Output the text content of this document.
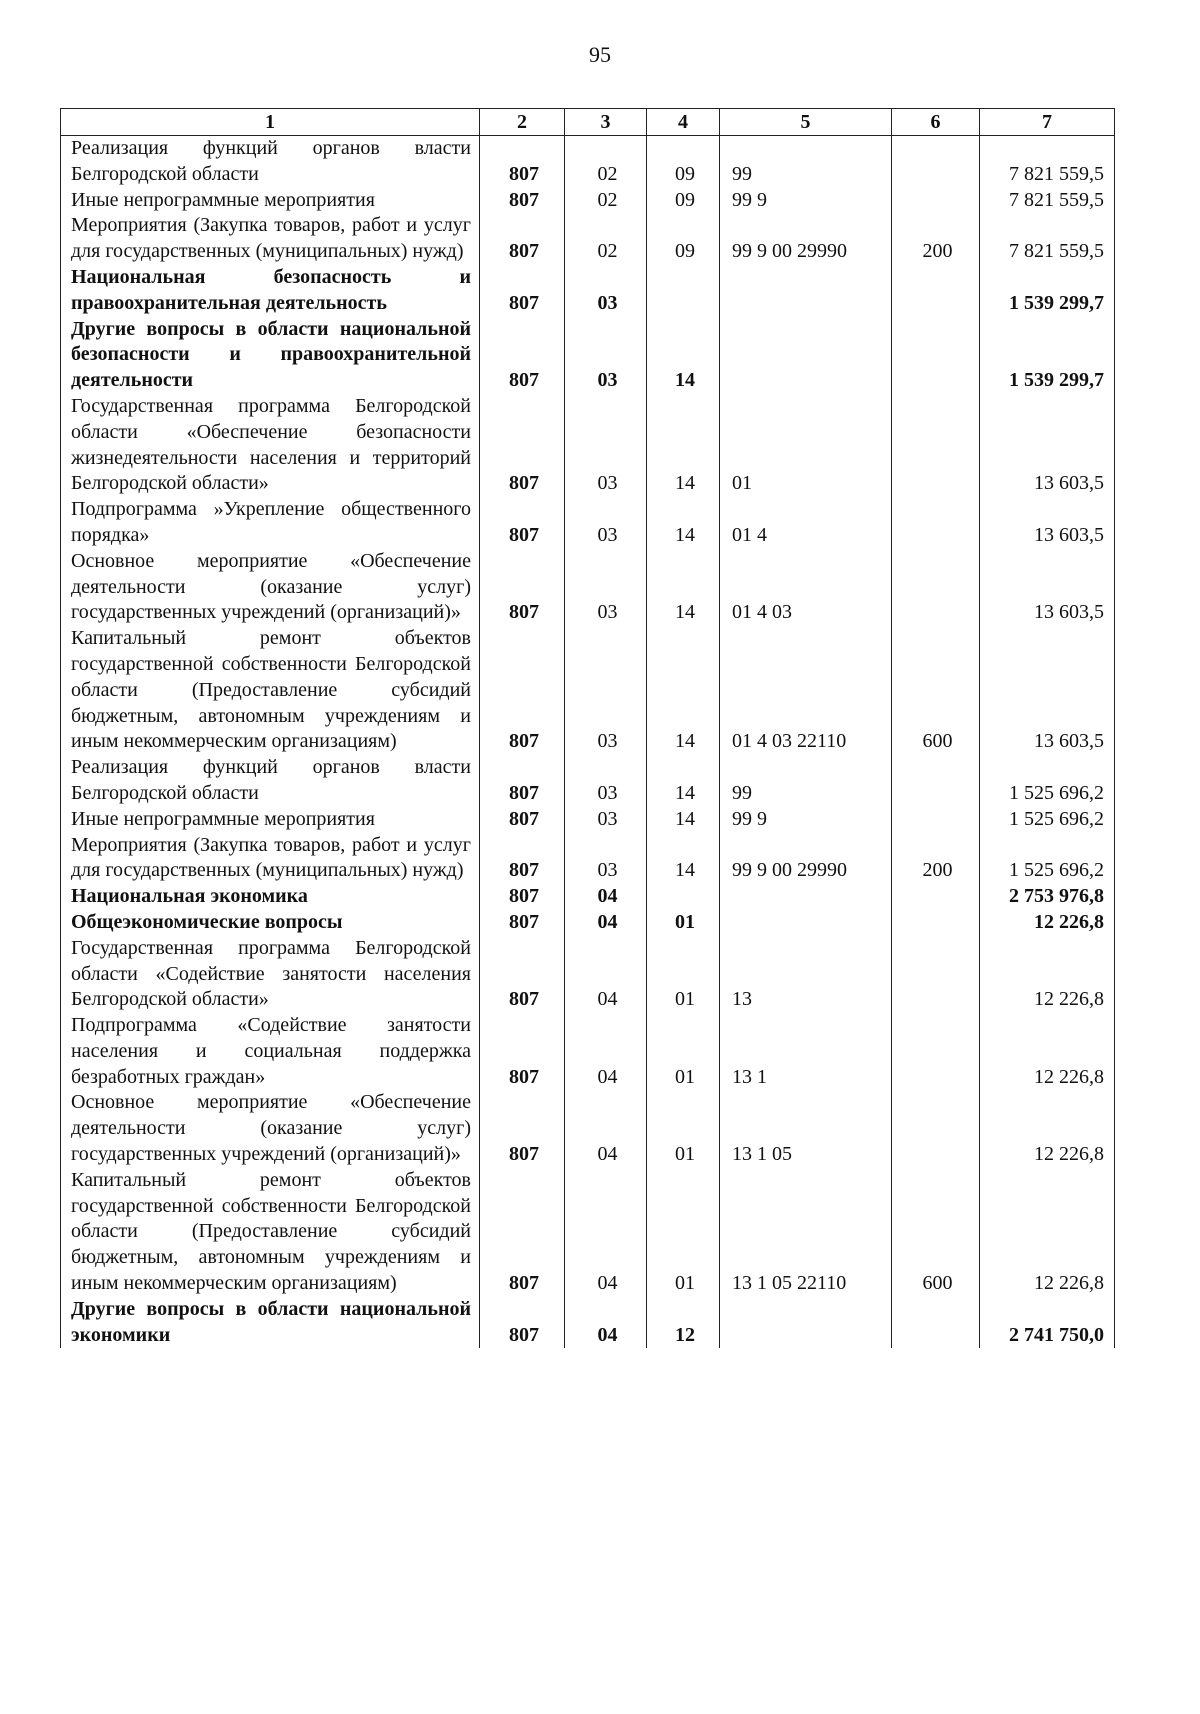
95
1	2	3	4	5	6	7
Реализация функций органов власти Белгородской области	807	02	09	99		7 821 559,5
Иные непрограммные мероприятия	807	02	09	99 9		7 821 559,5
Мероприятия (Закупка товаров, работ и услуг для государственных (муниципальных) нужд)	807	02	09	99 9 00 29990	200	7 821 559,5
Национальная безопасность и правоохранительная деятельность	807	03				1 539 299,7
Другие вопросы в области национальной безопасности и правоохранительной деятельности	807	03	14			1 539 299,7
Государственная программа Белгородской области «Обеспечение безопасности жизнедеятельности населения и территорий Белгородской области»	807	03	14	01		13 603,5
Подпрограмма »Укрепление общественного порядка»	807	03	14	01 4		13 603,5
Основное мероприятие «Обеспечение деятельности (оказание услуг) государственных учреждений (организаций)»	807	03	14	01 4 03		13 603,5
Капитальный ремонт объектов государственной собственности Белгородской области (Предоставление субсидий бюджетным, автономным учреждениям и иным некоммерческим организациям)	807	03	14	01 4 03 22110	600	13 603,5
Реализация функций органов власти Белгородской области	807	03	14	99		1 525 696,2
Иные непрограммные мероприятия	807	03	14	99 9		1 525 696,2
Мероприятия (Закупка товаров, работ и услуг для государственных (муниципальных) нужд)	807	03	14	99 9 00 29990	200	1 525 696,2
Национальная экономика	807	04				2 753 976,8
Общеэкономические вопросы	807	04	01			12 226,8
Государственная программа Белгородской области «Содействие занятости населения Белгородской области»	807	04	01	13		12 226,8
Подпрограмма «Содействие занятости населения и социальная поддержка безработных граждан»	807	04	01	13 1		12 226,8
Основное мероприятие «Обеспечение деятельности (оказание услуг) государственных учреждений (организаций)»	807	04	01	13 1 05		12 226,8
Капитальный ремонт объектов государственной собственности Белгородской области (Предоставление субсидий бюджетным, автономным учреждениям и иным некоммерческим организациям)	807	04	01	13 1 05 22110	600	12 226,8
Другие вопросы в области национальной экономики	807	04	12			2 741 750,0
